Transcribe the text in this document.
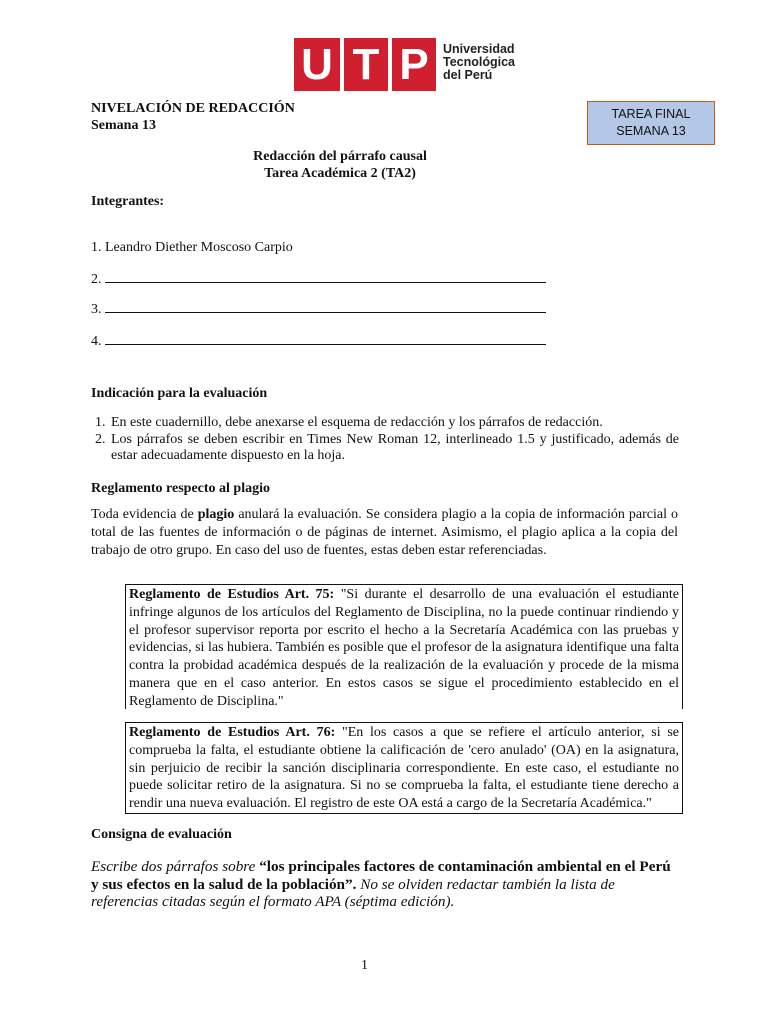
U T P	Universidad
Tecnológica
del Perú
NIVELACIÓN DE REDACCIÓN
Semana 13
TAREA FINAL
SEMANA 13
Redacción del párrafo causal
Tarea Académica 2 (TA2)
Integrantes:
1. Leandro Diether Moscoso Carpio
2.
3.
4.
Indicación para la evaluación
1. En este cuadernillo, debe anexarse el esquema de redacción y los párrafos de redacción.
2. Los párrafos se deben escribir en Times New Roman 12, interlineado 1.5 y justificado, además de estar adecuadamente dispuesto en la hoja.
Reglamento respecto al plagio
Toda evidencia de plagio anulará la evaluación. Se considera plagio a la copia de información parcial o total de las fuentes de información o de páginas de internet. Asimismo, el plagio aplica a la copia del trabajo de otro grupo. En caso del uso de fuentes, estas deben estar referenciadas.
Reglamento de Estudios Art. 75: "Si durante el desarrollo de una evaluación el estudiante infringe algunos de los artículos del Reglamento de Disciplina, no la puede continuar rindiendo y el profesor supervisor reporta por escrito el hecho a la Secretaría Académica con las pruebas y evidencias, si las hubiera. También es posible que el profesor de la asignatura identifique una falta contra la probidad académica después de la realización de la evaluación y procede de la misma manera que en el caso anterior. En estos casos se sigue el procedimiento establecido en el Reglamento de Disciplina."
Reglamento de Estudios Art. 76: "En los casos a que se refiere el artículo anterior, si se comprueba la falta, el estudiante obtiene la calificación de 'cero anulado' (OA) en la asignatura, sin perjuicio de recibir la sanción disciplinaria correspondiente. En este caso, el estudiante no puede solicitar retiro de la asignatura. Si no se comprueba la falta, el estudiante tiene derecho a rendir una nueva evaluación. El registro de este OA está a cargo de la Secretaría Académica."
Consigna de evaluación
Escribe dos párrafos sobre “los principales factores de contaminación ambiental en el Perú y sus efectos en la salud de la población”. No se olviden redactar también la lista de referencias citadas según el formato APA (séptima edición).
1
